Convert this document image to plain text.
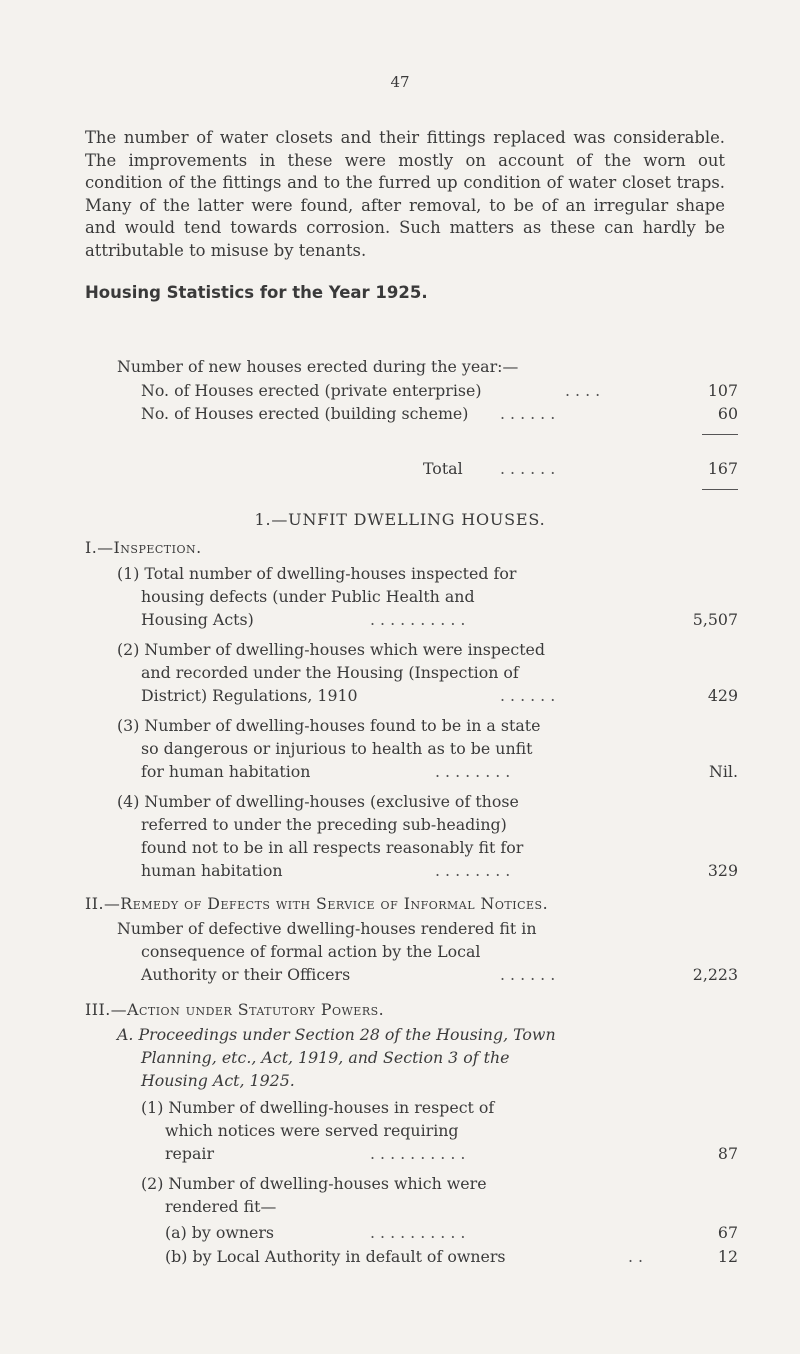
47
The number of water closets and their fittings replaced was considerable. The improvements in these were mostly on account of the worn out condition of the fittings and to the furred up condition of water closet traps. Many of the latter were found, after removal, to be of an irregular shape and would tend towards corrosion. Such matters as these can hardly be attributable to misuse by tenants.
Housing Statistics for the Year 1925.
Number of new houses erected during the year:—
No. of Houses erected (private enterprise)	. . . .	107
No. of Houses erected (building scheme) . . . . . .	60
Total . . . . . .	167
1.—UNFIT DWELLING HOUSES.
I.—Inspection.
(1) Total number of dwelling-houses inspected for
housing defects (under Public Health and
Housing Acts)	. . . . . . . . . .	5,507
(2) Number of dwelling-houses which were inspected
and recorded under the Housing (Inspection of
District) Regulations, 1910	. . . . . .	429
(3) Number of dwelling-houses found to be in a state
so dangerous or injurious to health as to be unfit
for human habitation	. . . . . . . .	Nil.
(4) Number of dwelling-houses (exclusive of those
referred to under the preceding sub-heading)
found not to be in all respects reasonably fit for
human habitation	. . . . . . . .	329
II.—Remedy of Defects with Service of Informal Notices.
Number of defective dwelling-houses rendered fit in
consequence of formal action by the Local
Authority or their Officers	. . . . . .	2,223
III.—Action under Statutory Powers.
A. Proceedings under Section 28 of the Housing, Town
Planning, etc., Act, 1919, and Section 3 of the
Housing Act, 1925.
(1) Number of dwelling-houses in respect of
which notices were served requiring
repair	. . . . . . . . . .	87
(2) Number of dwelling-houses which were
rendered fit—
(a) by owners	. . . . . . . . . .	67
(b) by Local Authority in default of owners	. .	12
